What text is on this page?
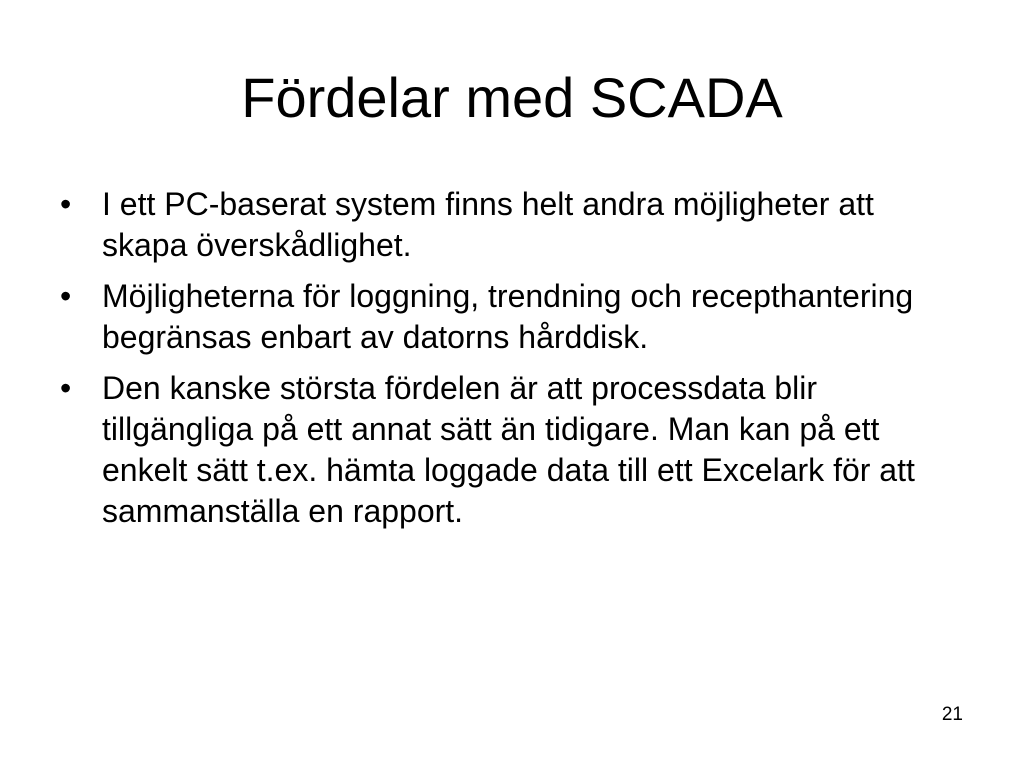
Fördelar med SCADA
• I ett PC-baserat system finns helt andra möjligheter att skapa överskådlighet.
• Möjligheterna för loggning, trendning och recepthantering begränsas enbart av datorns hårddisk.
• Den kanske största fördelen är att processdata blir tillgängliga på ett annat sätt än tidigare. Man kan på ett enkelt sätt t.ex. hämta loggade data till ett Excelark för att sammanställa en rapport.
21
